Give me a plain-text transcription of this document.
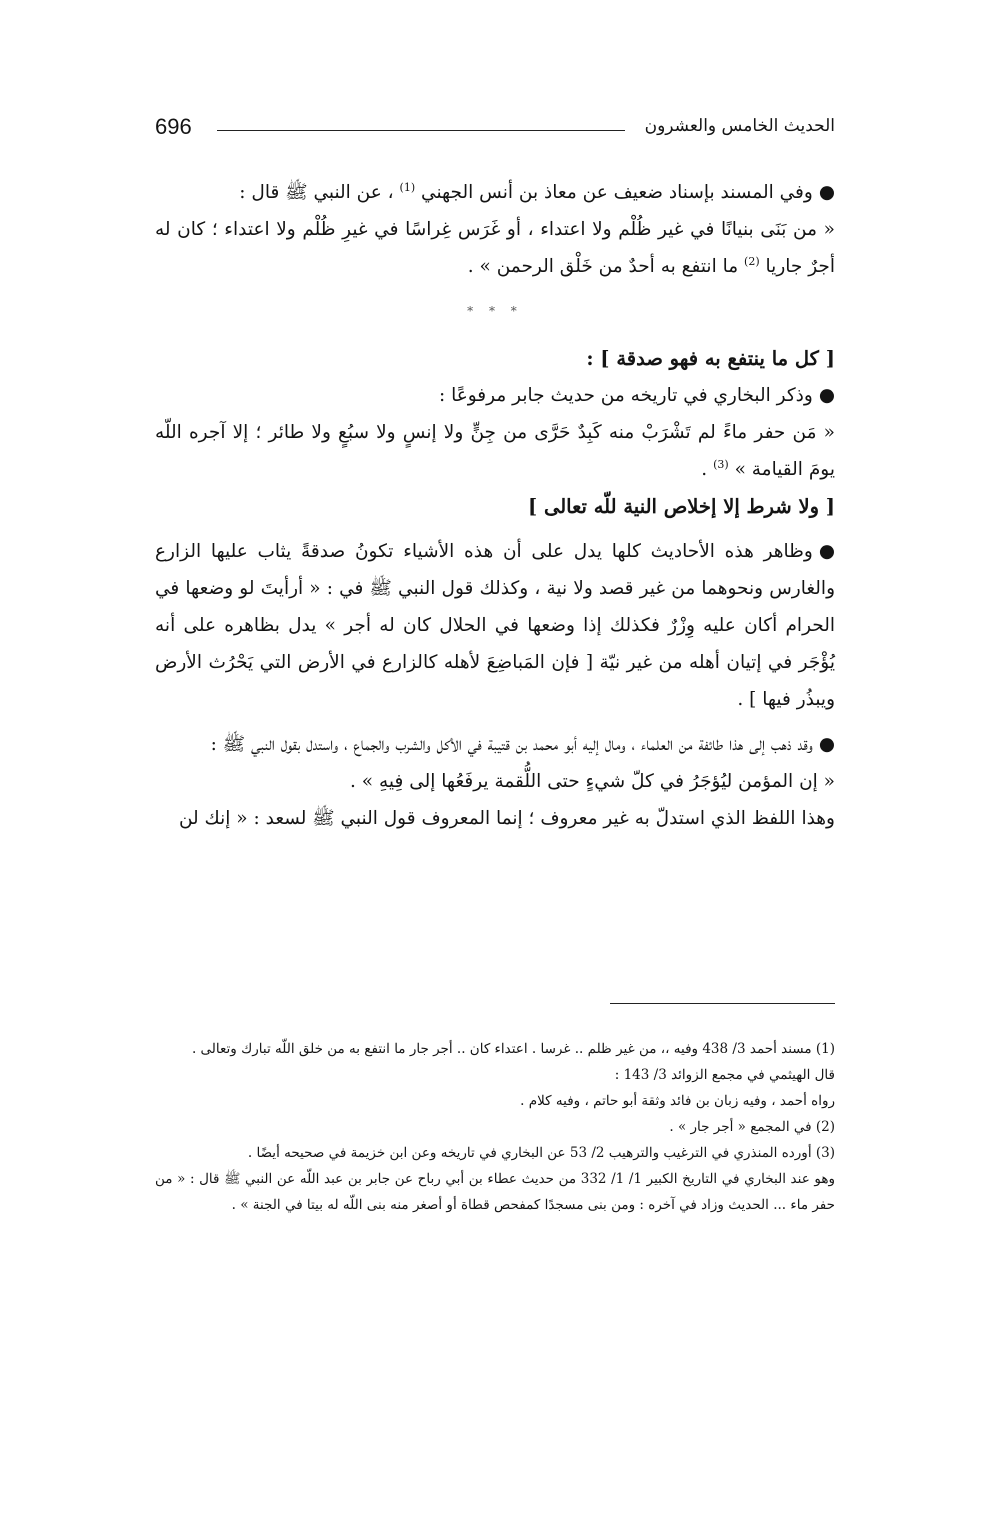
696	الحديث الخامس والعشرون

●وفي المسند بإسناد ضعيف عن معاذ بن أنس الجهني $^{(1)}$ ، عن النبي ﷺ قال :

« من بَنَى بنيانًا في غير ظُلْم ولا اعتداء ، أو غَرَس غِراسًا في غيرِ ظُلْم ولا اعتداء ؛ كان له أجرٌ جاريا $^{(2)}$ ما انتفع به أحدٌ من خَلْق الرحمن » .

* * *

[ كل ما ينتفع به فهو صدقة ] :

●وذكر البخاري في تاريخه من حديث جابر مرفوعًا :

« مَن حفر ماءً لم تَشْرَبْ منه كَبِدٌ حَرَّى من جِنٍّ ولا إنسٍ ولا سبُعٍ ولا طائر ؛ إلا آجره اللّه يومَ القيامة » $^{(3)}$ .

[ ولا شرط إلا إخلاص النية للّه تعالى ]

●وظاهر هذه الأحاديث كلها يدل على أن هذه الأشياء تكونُ صدقةً يثاب عليها الزارع والغارس ونحوهما من غير قصد ولا نية ، وكذلك قول النبي ﷺ في : « أرأيتَ لو وضعها في الحرام أكان عليه وِزْرٌ فكذلك إذا وضعها في الحلال كان له أجر » يدل بظاهره على أنه يُؤْجَر في إتيان أهله من غير نيّة [ فإن المَباضِعَ لأهله كالزارع في الأرض التي يَحْرُث الأرض ويبذُر فيها ] .

●وقد ذهب إلى هذا طائفة من العلماء ، ومال إليه أبو محمد بن قتيبة في الأكل والشرب والجماع ، واستدل بقول النبي ﷺ :

« إن المؤمن ليُؤجَرُ في كلّ شيءٍ حتى اللُّقمة يرفَعُها إلى فِيهِ » .

وهذا اللفظ الذي استدلّ به غير معروف ؛ إنما المعروف قول النبي ﷺ لسعد : « إنك لن

(1) مسند أحمد 3/ 438 وفيه ،، من غير ظلم .. غرسا . اعتداء كان .. أجر جار ما انتفع به من خلق اللّه تبارك وتعالى .

قال الهيثمي في مجمع الزوائد 3/ 143 :

رواه أحمد ، وفيه زبان بن فائد وثقة أبو حاتم ، وفيه كلام .

(2) في المجمع « أجر جار » .

(3) أورده المنذري في الترغيب والترهيب 2/ 53 عن البخاري في تاريخه وعن ابن خزيمة في صحيحه أيضًا .

وهو عند البخاري في التاريخ الكبير 1/ 1/ 332 من حديث عطاء بن أبي رباح عن جابر بن عبد اللّه عن النبي ﷺ قال : « من حفر ماء ... الحديث وزاد في آخره : ومن بنى مسجدًا كمفحص قطاة أو أصغر منه بنى اللّه له بيتا في الجنة » .
